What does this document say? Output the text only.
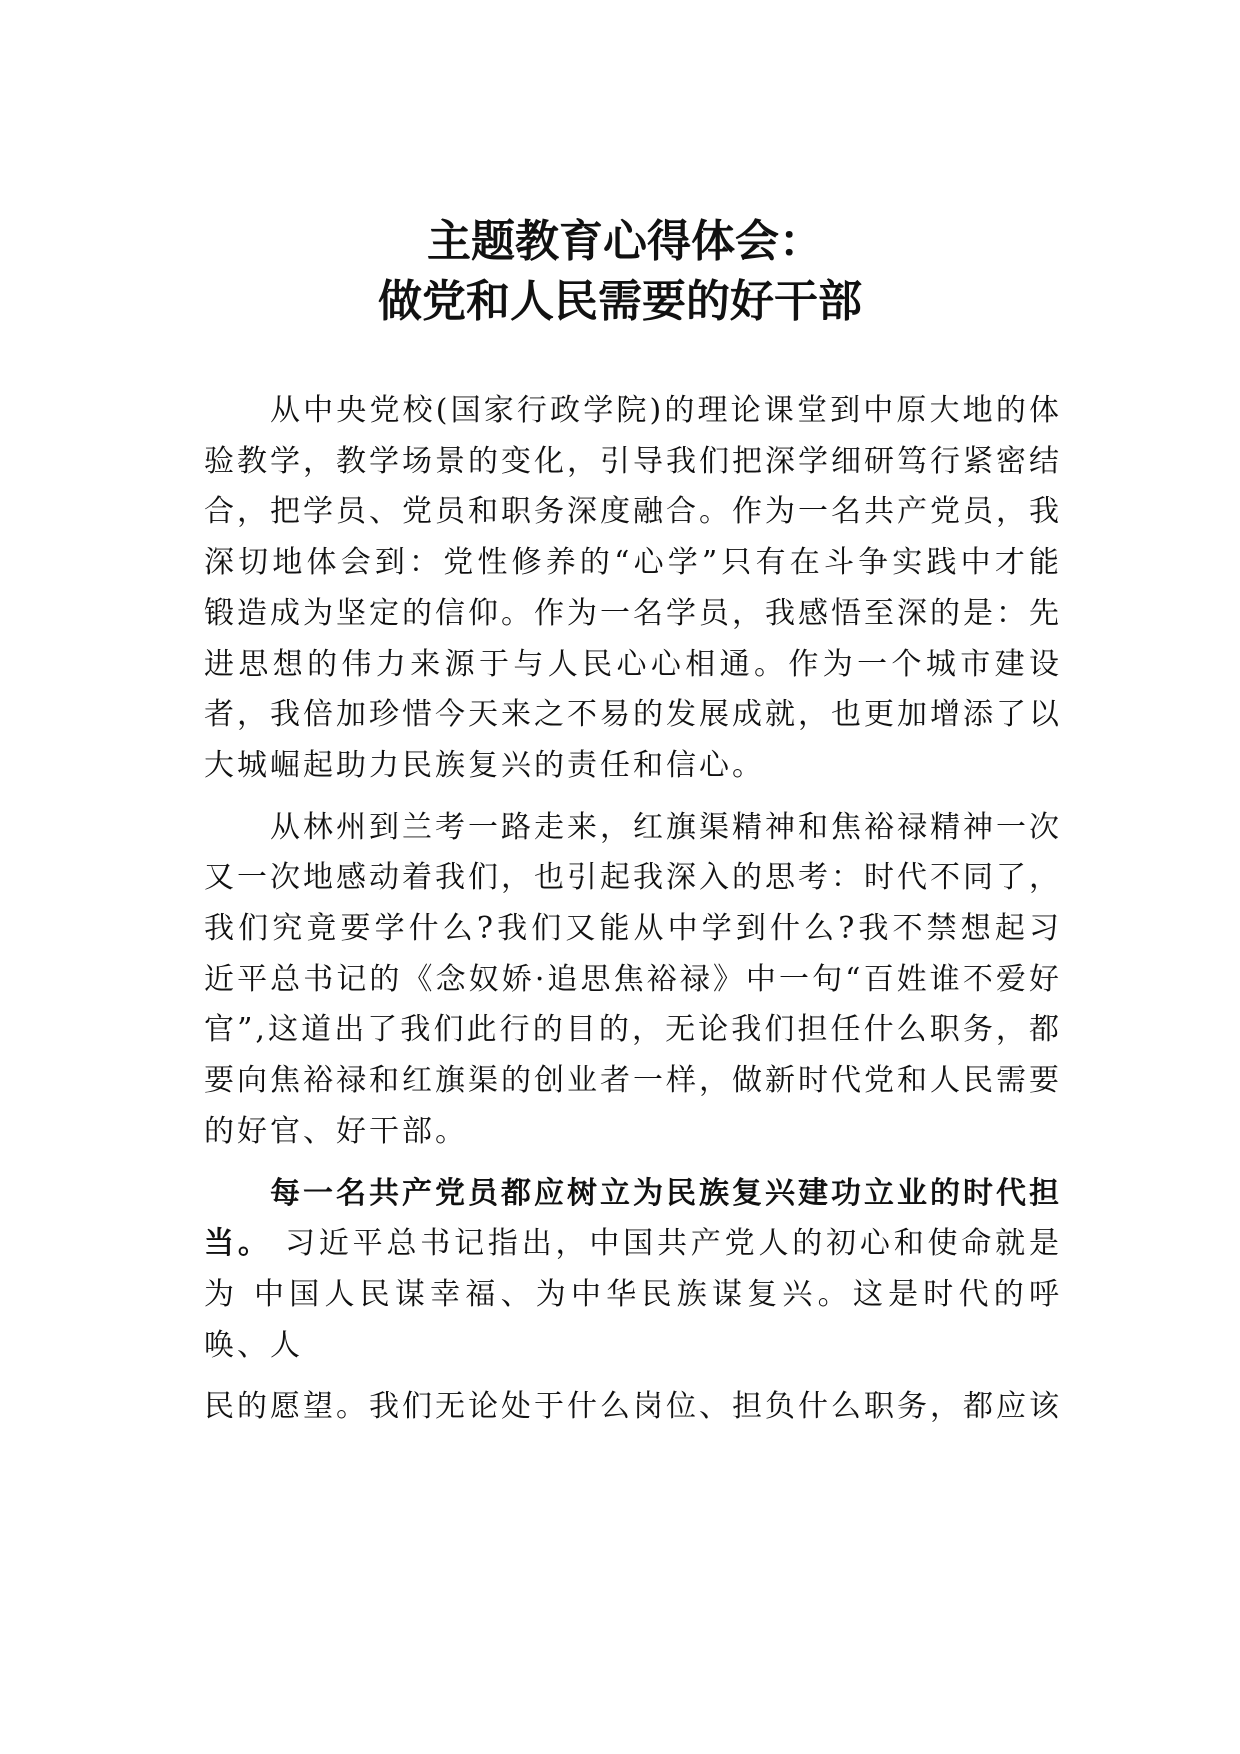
主题教育心得体会：

做党和人民需要的好干部

从中央党校(国家行政学院)的理论课堂到中原大地的体验教学，教学场景的变化，引导我们把深学细研笃行紧密结合，把学员、党员和职务深度融合。作为一名共产党员，我深切地体会到：党性修养的“心学”只有在斗争实践中才能锻造成为坚定的信仰。作为一名学员，我感悟至深的是：先进思想的伟力来源于与人民心心相通。作为一个城市建设者，我倍加珍惜今天来之不易的发展成就，也更加增添了以大城崛起助力民族复兴的责任和信心。

从林州到兰考一路走来，红旗渠精神和焦裕禄精神一次又一次地感动着我们，也引起我深入的思考：时代不同了，我们究竟要学什么?我们又能从中学到什么?我不禁想起习近平总书记的《念奴娇·追思焦裕禄》中一句“百姓谁不爱好官”,这道出了我们此行的目的，无论我们担任什么职务，都要向焦裕禄和红旗渠的创业者一样，做新时代党和人民需要的好官、好干部。

每一名共产党员都应树立为民族复兴建功立业的时代担当。 习近平总书记指出，中国共产党人的初心和使命就是为 中国人民谋幸福、为中华民族谋复兴。这是时代的呼唤、人

民的愿望。我们无论处于什么岗位、担负什么职务，都应该
